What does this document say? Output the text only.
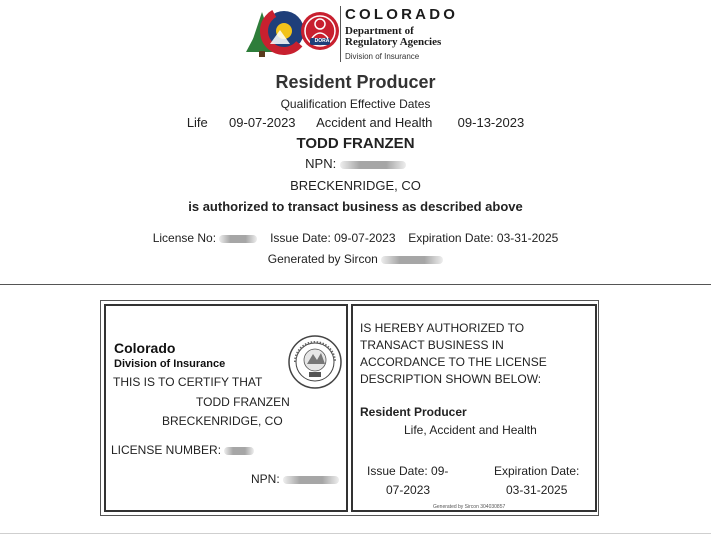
DORA
COLORADO
Department of
Regulatory Agencies
Division of Insurance
Resident Producer
Qualification Effective Dates
Life 09-07-2023 Accident and Health 09-13-2023
TODD FRANZEN
NPN:
BRECKENRIDGE, CO
is authorized to transact business as described above
License No:	Issue Date: 09-07-2023 Expiration Date: 03-31-2025
Generated by Sircon
Colorado
Division of Insurance
THIS IS TO CERTIFY THAT
TODD FRANZEN
BRECKENRIDGE, CO
LICENSE NUMBER:
NPN:
IS HEREBY AUTHORIZED TO
TRANSACT BUSINESS IN
ACCORDANCE TO THE LICENSE
DESCRIPTION SHOWN BELOW:
Resident Producer
Life, Accident and Health
Issue Date: 09-
07-2023
Expiration Date:
03-31-2025
Generated by Sircon 304030857
